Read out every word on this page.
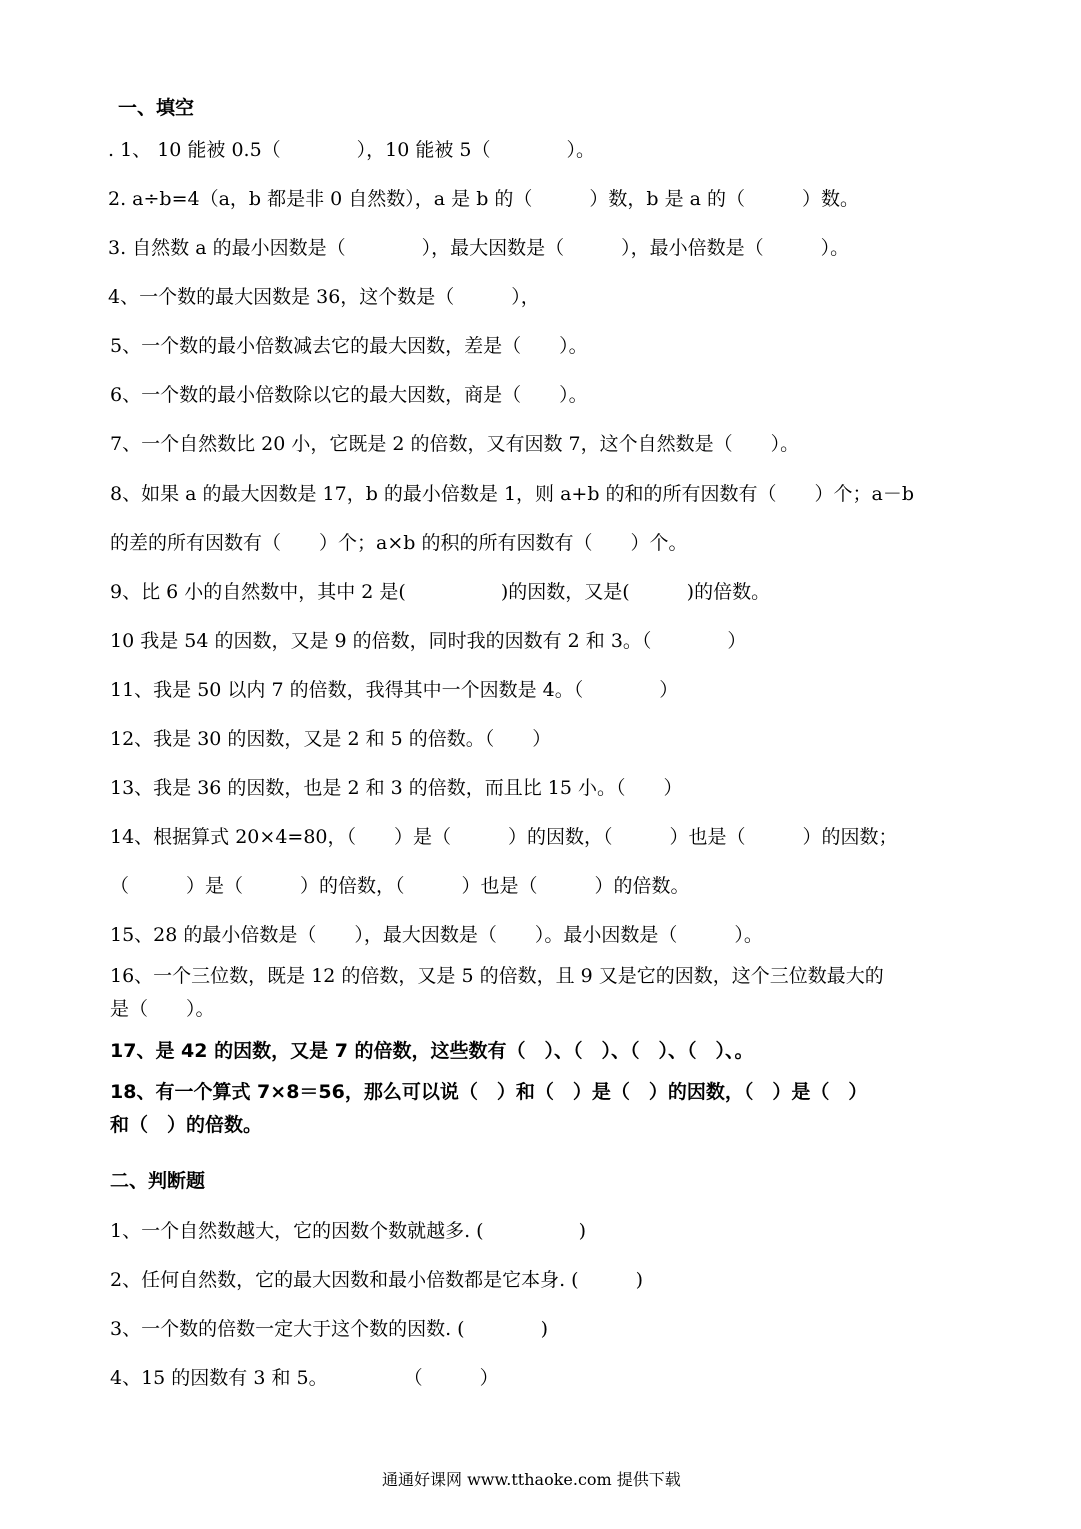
一、填空
. 1、 10 能被 0.5（　　　　），10 能被 5（　　　　）。
2. a÷b=4（a，b 都是非 0 自然数），a 是 b 的（　　　）数，b 是 a 的（　　　）数。
3. 自然数 a 的最小因数是（　　　　），最大因数是（　　　），最小倍数是（　　　）。
4、一个数的最大因数是 36，这个数是（　　　），
5、一个数的最小倍数减去它的最大因数，差是（　　）。
6、一个数的最小倍数除以它的最大因数，商是（　　）。
7、一个自然数比 20 小，它既是 2 的倍数，又有因数 7，这个自然数是（　　）。
8、如果 a 的最大因数是 17，b 的最小倍数是 1，则 a+b 的和的所有因数有（　　）个；a－b
的差的所有因数有（　　）个；a×b 的积的所有因数有（　　）个。
9、比 6 小的自然数中，其中 2 是(　　　　　)的因数，又是(　　　)的倍数。
10 我是 54 的因数，又是 9 的倍数，同时我的因数有 2 和 3。（　　　　）
11、我是 50 以内 7 的倍数，我得其中一个因数是 4。（　　　　）
12、我是 30 的因数，又是 2 和 5 的倍数。（　　）
13、我是 36 的因数，也是 2 和 3 的倍数，而且比 15 小。（　　）
14、根据算式 20×4=80，（　　）是（　　　）的因数，（　　　）也是（　　　）的因数；
（　　　）是（　　　）的倍数，（　　　）也是（　　　）的倍数。
15、28 的最小倍数是（　　），最大因数是（　　）。最小因数是（　　　）。
16、一个三位数，既是 12 的倍数，又是 5 的倍数，且 9 又是它的因数，这个三位数最大的
是（　　）。
17、是 42 的因数，又是 7 的倍数，这些数有（　）、（　）、（　）、（　）、。
18、有一个算式 7×8＝56，那么可以说（　）和（　）是（　）的因数，（　）是（　）
和（　）的倍数。
二、判断题
1、一个自然数越大，它的因数个数就越多. (　　　　　)
2、任何自然数，它的最大因数和最小倍数都是它本身. (　　　)
3、一个数的倍数一定大于这个数的因数. (　　　　)
4、15 的因数有 3 和 5。　　　　　（　　　）
通通好课网 www.tthaoke.com 提供下载
